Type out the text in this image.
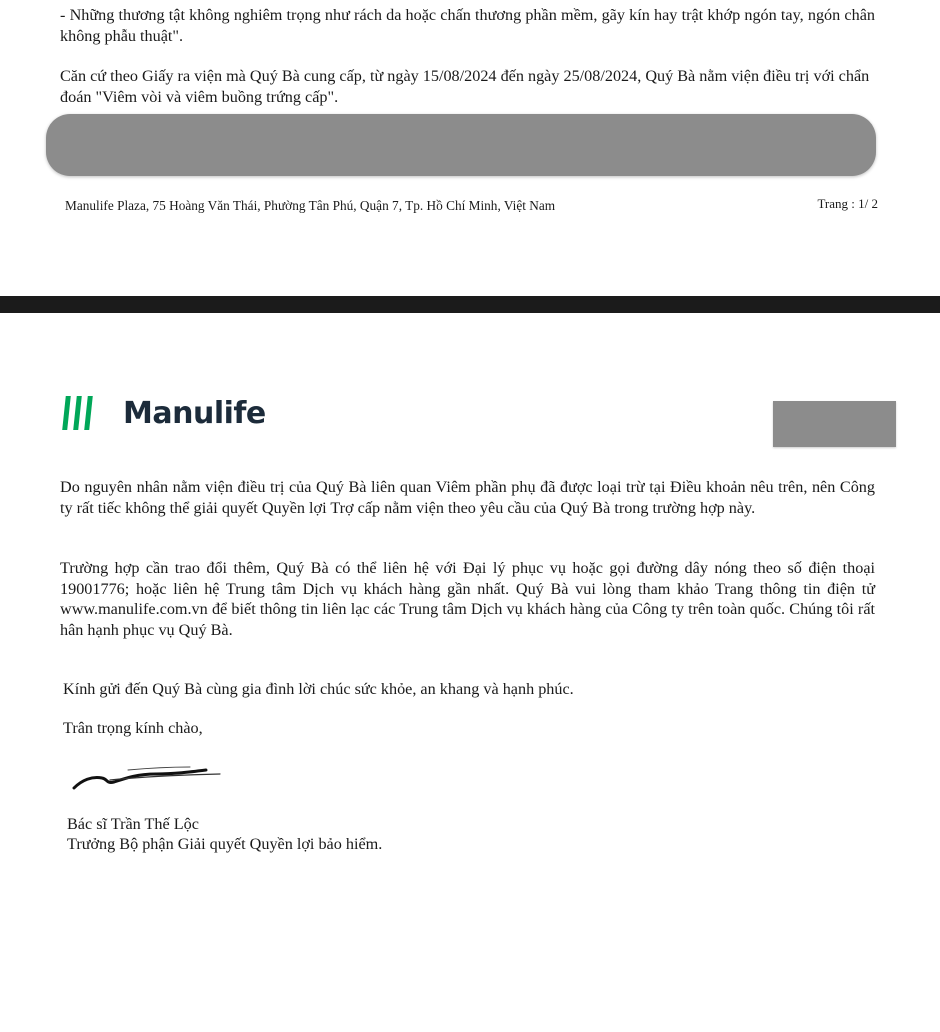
- Những thương tật không nghiêm trọng như rách da hoặc chấn thương phần mềm, gãy kín hay trật khớp ngón tay, ngón chân không phẫu thuật".

Căn cứ theo Giấy ra viện mà Quý Bà cung cấp, từ ngày 15/08/2024 đến ngày 25/08/2024, Quý Bà nằm viện điều trị với chẩn đoán "Viêm vòi và viêm buồng trứng cấp".

Manulife Plaza, 75 Hoàng Văn Thái, Phường Tân Phú, Quận 7, Tp. Hồ Chí Minh, Việt Nam	Trang : 1/ 2
Manulife

Do nguyên nhân nằm viện điều trị của Quý Bà liên quan Viêm phần phụ đã được loại trừ tại Điều khoản nêu trên, nên Công ty rất tiếc không thể giải quyết Quyền lợi Trợ cấp nằm viện theo yêu cầu của Quý Bà trong trường hợp này.

Trường hợp cần trao đổi thêm, Quý Bà có thể liên hệ với Đại lý phục vụ hoặc gọi đường dây nóng theo số điện thoại 19001776; hoặc liên hệ Trung tâm Dịch vụ khách hàng gần nhất. Quý Bà vui lòng tham khảo Trang thông tin điện tử www.manulife.com.vn để biết thông tin liên lạc các Trung tâm Dịch vụ khách hàng của Công ty trên toàn quốc. Chúng tôi rất hân hạnh phục vụ Quý Bà.

Kính gửi đến Quý Bà cùng gia đình lời chúc sức khỏe, an khang và hạnh phúc.

Trân trọng kính chào,

Bác sĩ Trần Thế Lộc
Trưởng Bộ phận Giải quyết Quyền lợi bảo hiểm.
